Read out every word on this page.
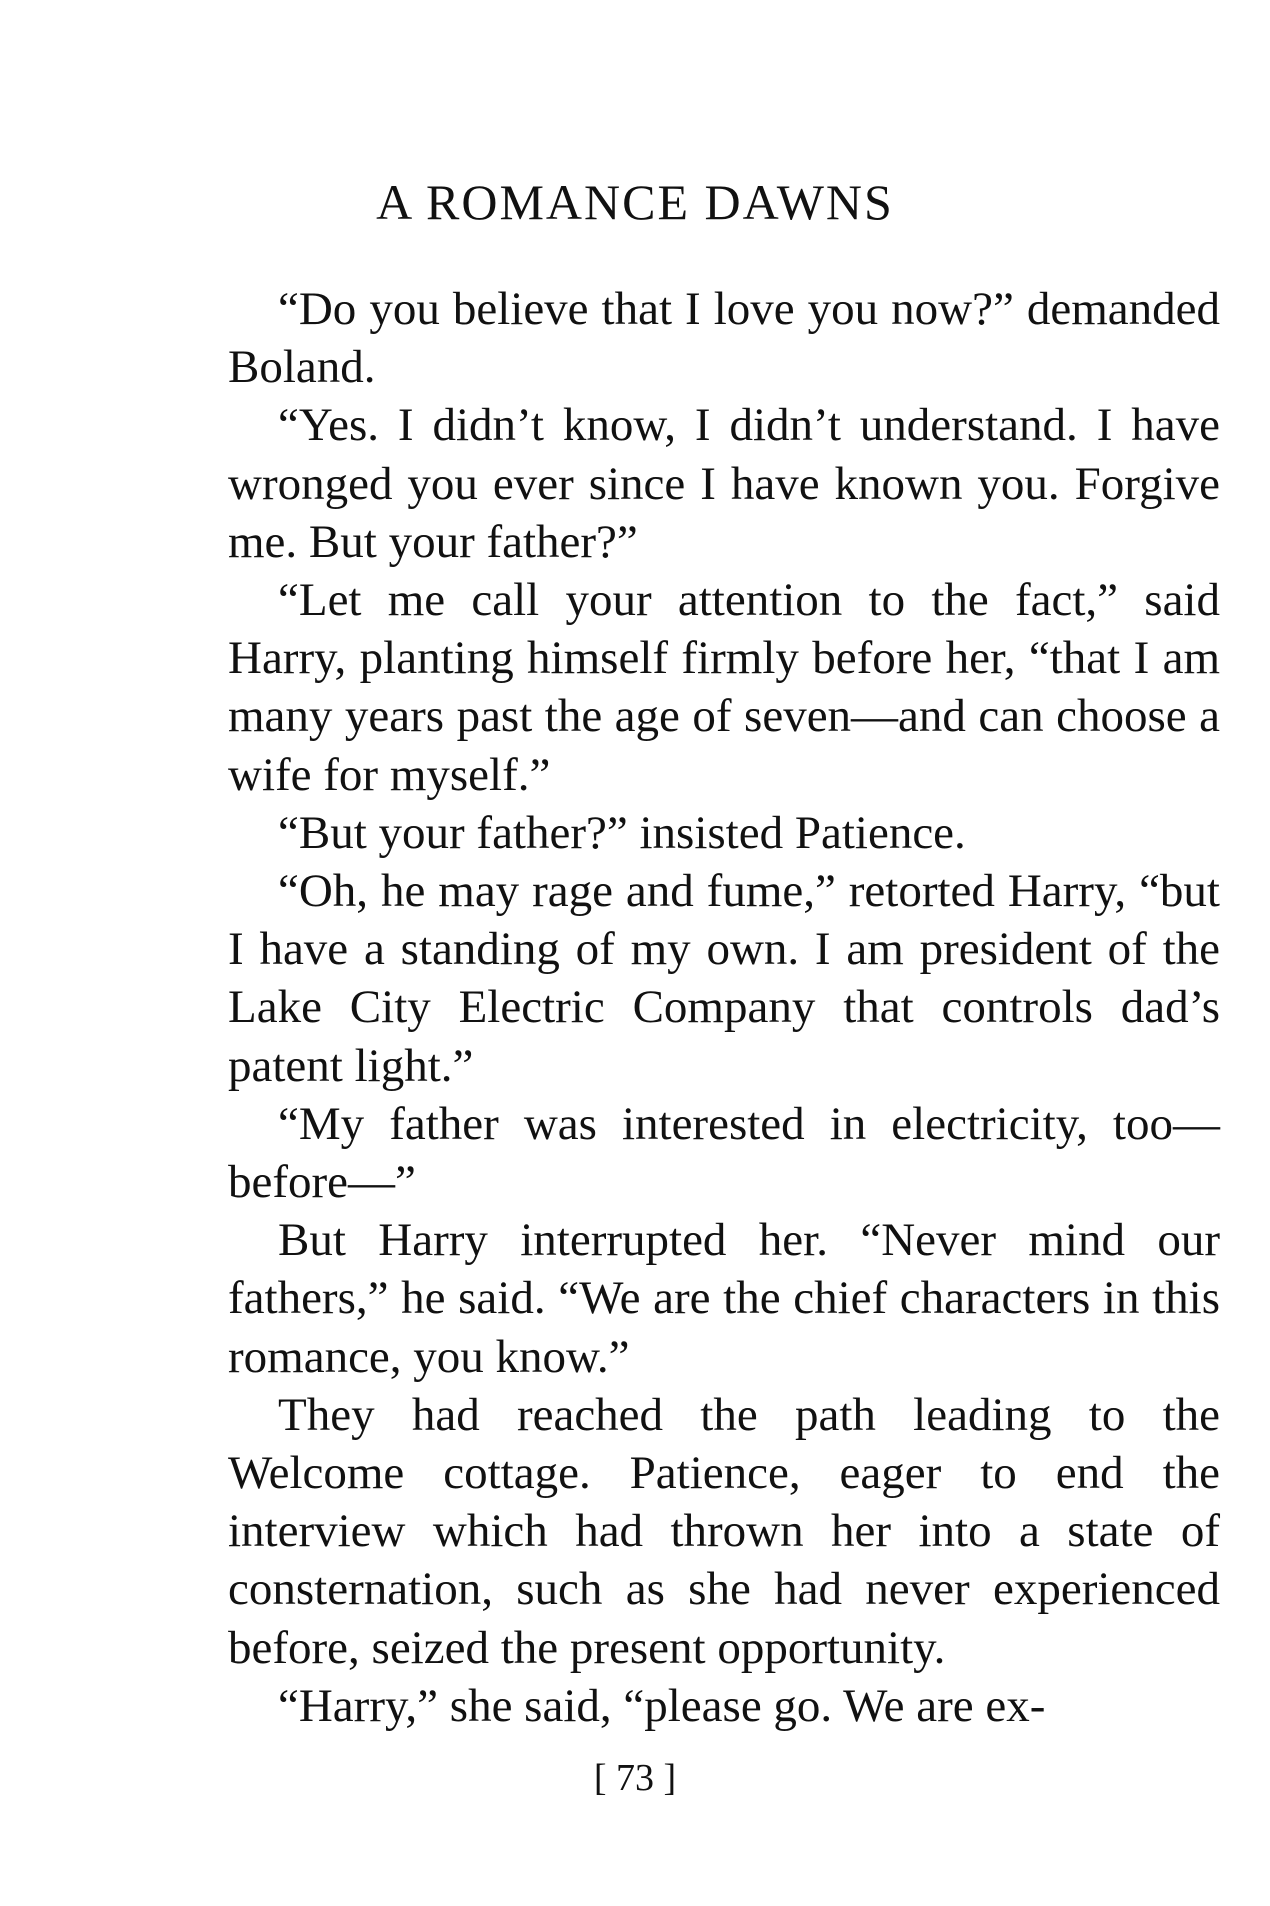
A ROMANCE DAWNS

“Do you believe that I love you now?” demanded Boland.

“Yes. I didn’t know, I didn’t understand. I have wronged you ever since I have known you. Forgive me. But your father?”

“Let me call your attention to the fact,” said Harry, planting himself firmly before her, “that I am many years past the age of seven—and can choose a wife for myself.”

“But your father?” insisted Patience.

“Oh, he may rage and fume,” retorted Harry, “but I have a standing of my own. I am president of the Lake City Electric Company that controls dad’s patent light.”

“My father was interested in electricity, too—before—”

But Harry interrupted her. “Never mind our fathers,” he said. “We are the chief characters in this romance, you know.”

They had reached the path leading to the Welcome cottage. Patience, eager to end the interview which had thrown her into a state of consternation, such as she had never experienced before, seized the present opportunity.

“Harry,” she said, “please go. We are ex-

[ 73 ]
